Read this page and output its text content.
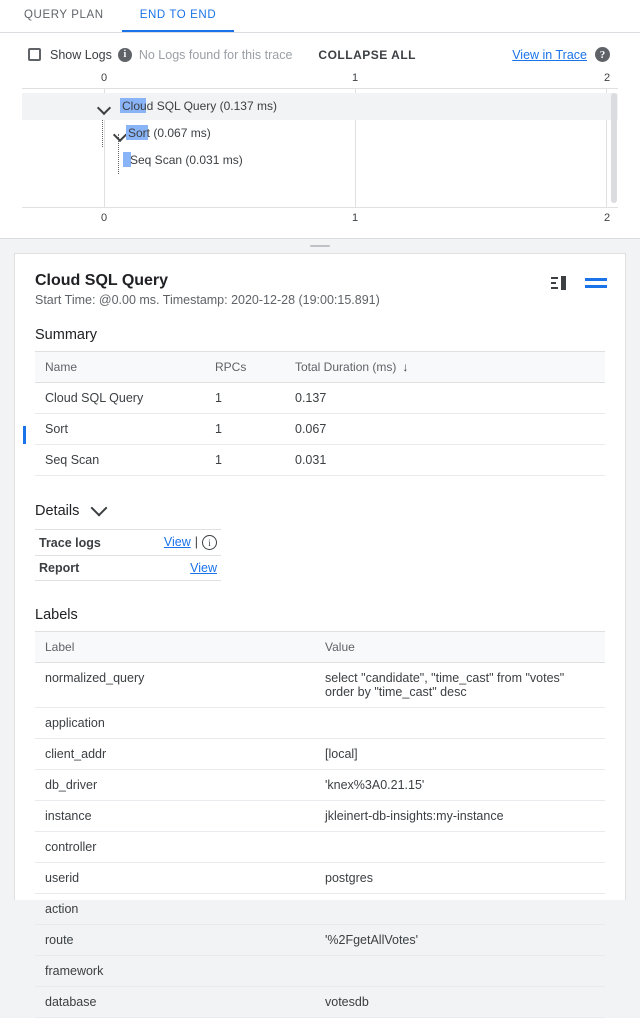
QUERY PLAN	END TO END
Show Logs	i	No Logs found for this trace COLLAPSE ALL	View in Trace	?
0	1	2
Cloud SQL Query (0.137 ms)
Sort (0.067 ms)
Seq Scan (0.031 ms)
0	1	2
Cloud SQL Query
Start Time: @0.00 ms. Timestamp: 2020-12-28 (19:00:15.891)
Summary
Name	RPCs	Total Duration (ms) ↓
Cloud SQL Query	1	0.137
Sort	1	0.067
Seq Scan	1	0.031
Details
Trace logs	View | i
Report	View
Labels
Label	Value
normalized_query	select "candidate", "time_cast" from "votes" order by "time_cast" desc
application	
client_addr	[local]
db_driver	'knex%3A0.21.15'
instance	jkleinert-db-insights:my-instance
controller	
userid	postgres
action	
route	'%2FgetAllVotes'
framework	
database	votesdb
